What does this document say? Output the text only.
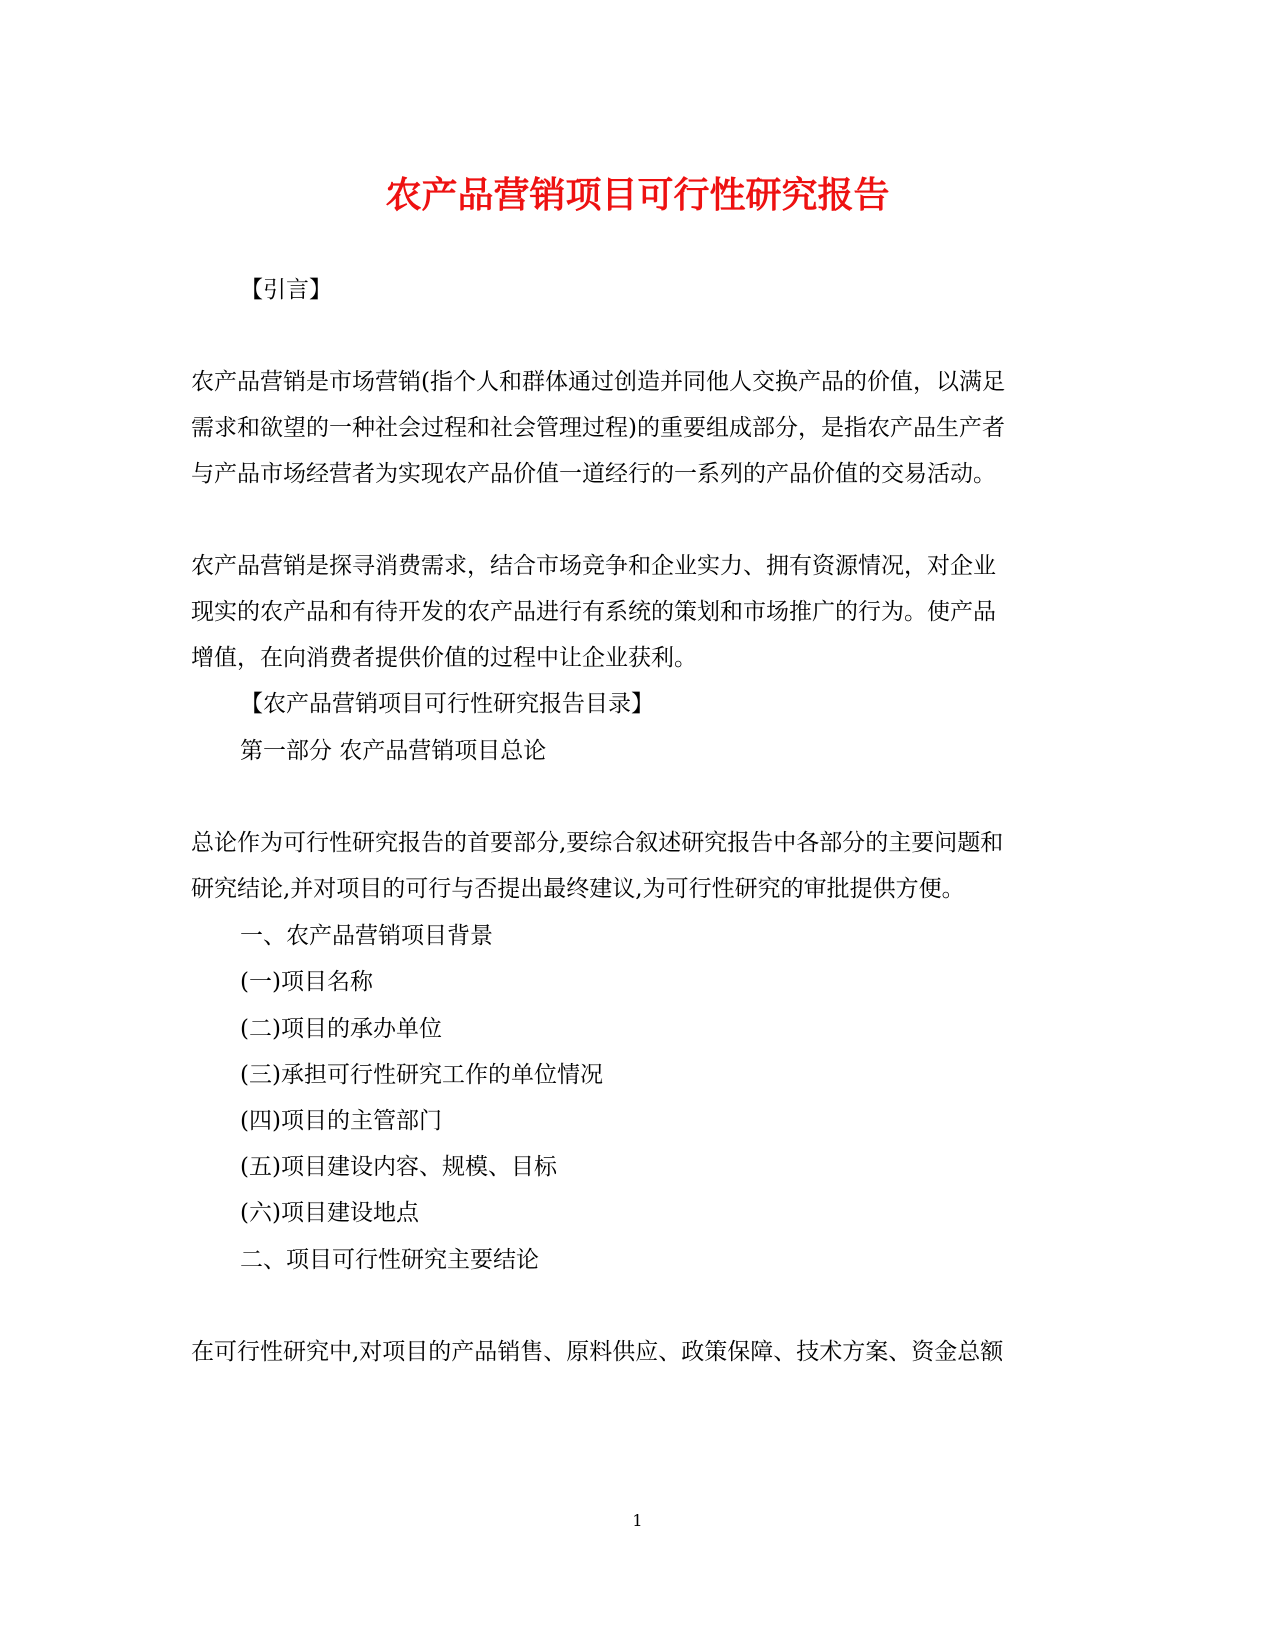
农产品营销项目可行性研究报告
【引言】
农产品营销是市场营销(指个人和群体通过创造并同他人交换产品的价值，以满足
需求和欲望的一种社会过程和社会管理过程)的重要组成部分，是指农产品生产者
与产品市场经营者为实现农产品价值一道经行的一系列的产品价值的交易活动。
农产品营销是探寻消费需求，结合市场竞争和企业实力、拥有资源情况，对企业
现实的农产品和有待开发的农产品进行有系统的策划和市场推广的行为。使产品
增值，在向消费者提供价值的过程中让企业获利。
【农产品营销项目可行性研究报告目录】
第一部分 农产品营销项目总论
总论作为可行性研究报告的首要部分,要综合叙述研究报告中各部分的主要问题和
研究结论,并对项目的可行与否提出最终建议,为可行性研究的审批提供方便。
一、农产品营销项目背景
(一)项目名称
(二)项目的承办单位
(三)承担可行性研究工作的单位情况
(四)项目的主管部门
(五)项目建设内容、规模、目标
(六)项目建设地点
二、项目可行性研究主要结论
在可行性研究中,对项目的产品销售、原料供应、政策保障、技术方案、资金总额
1
